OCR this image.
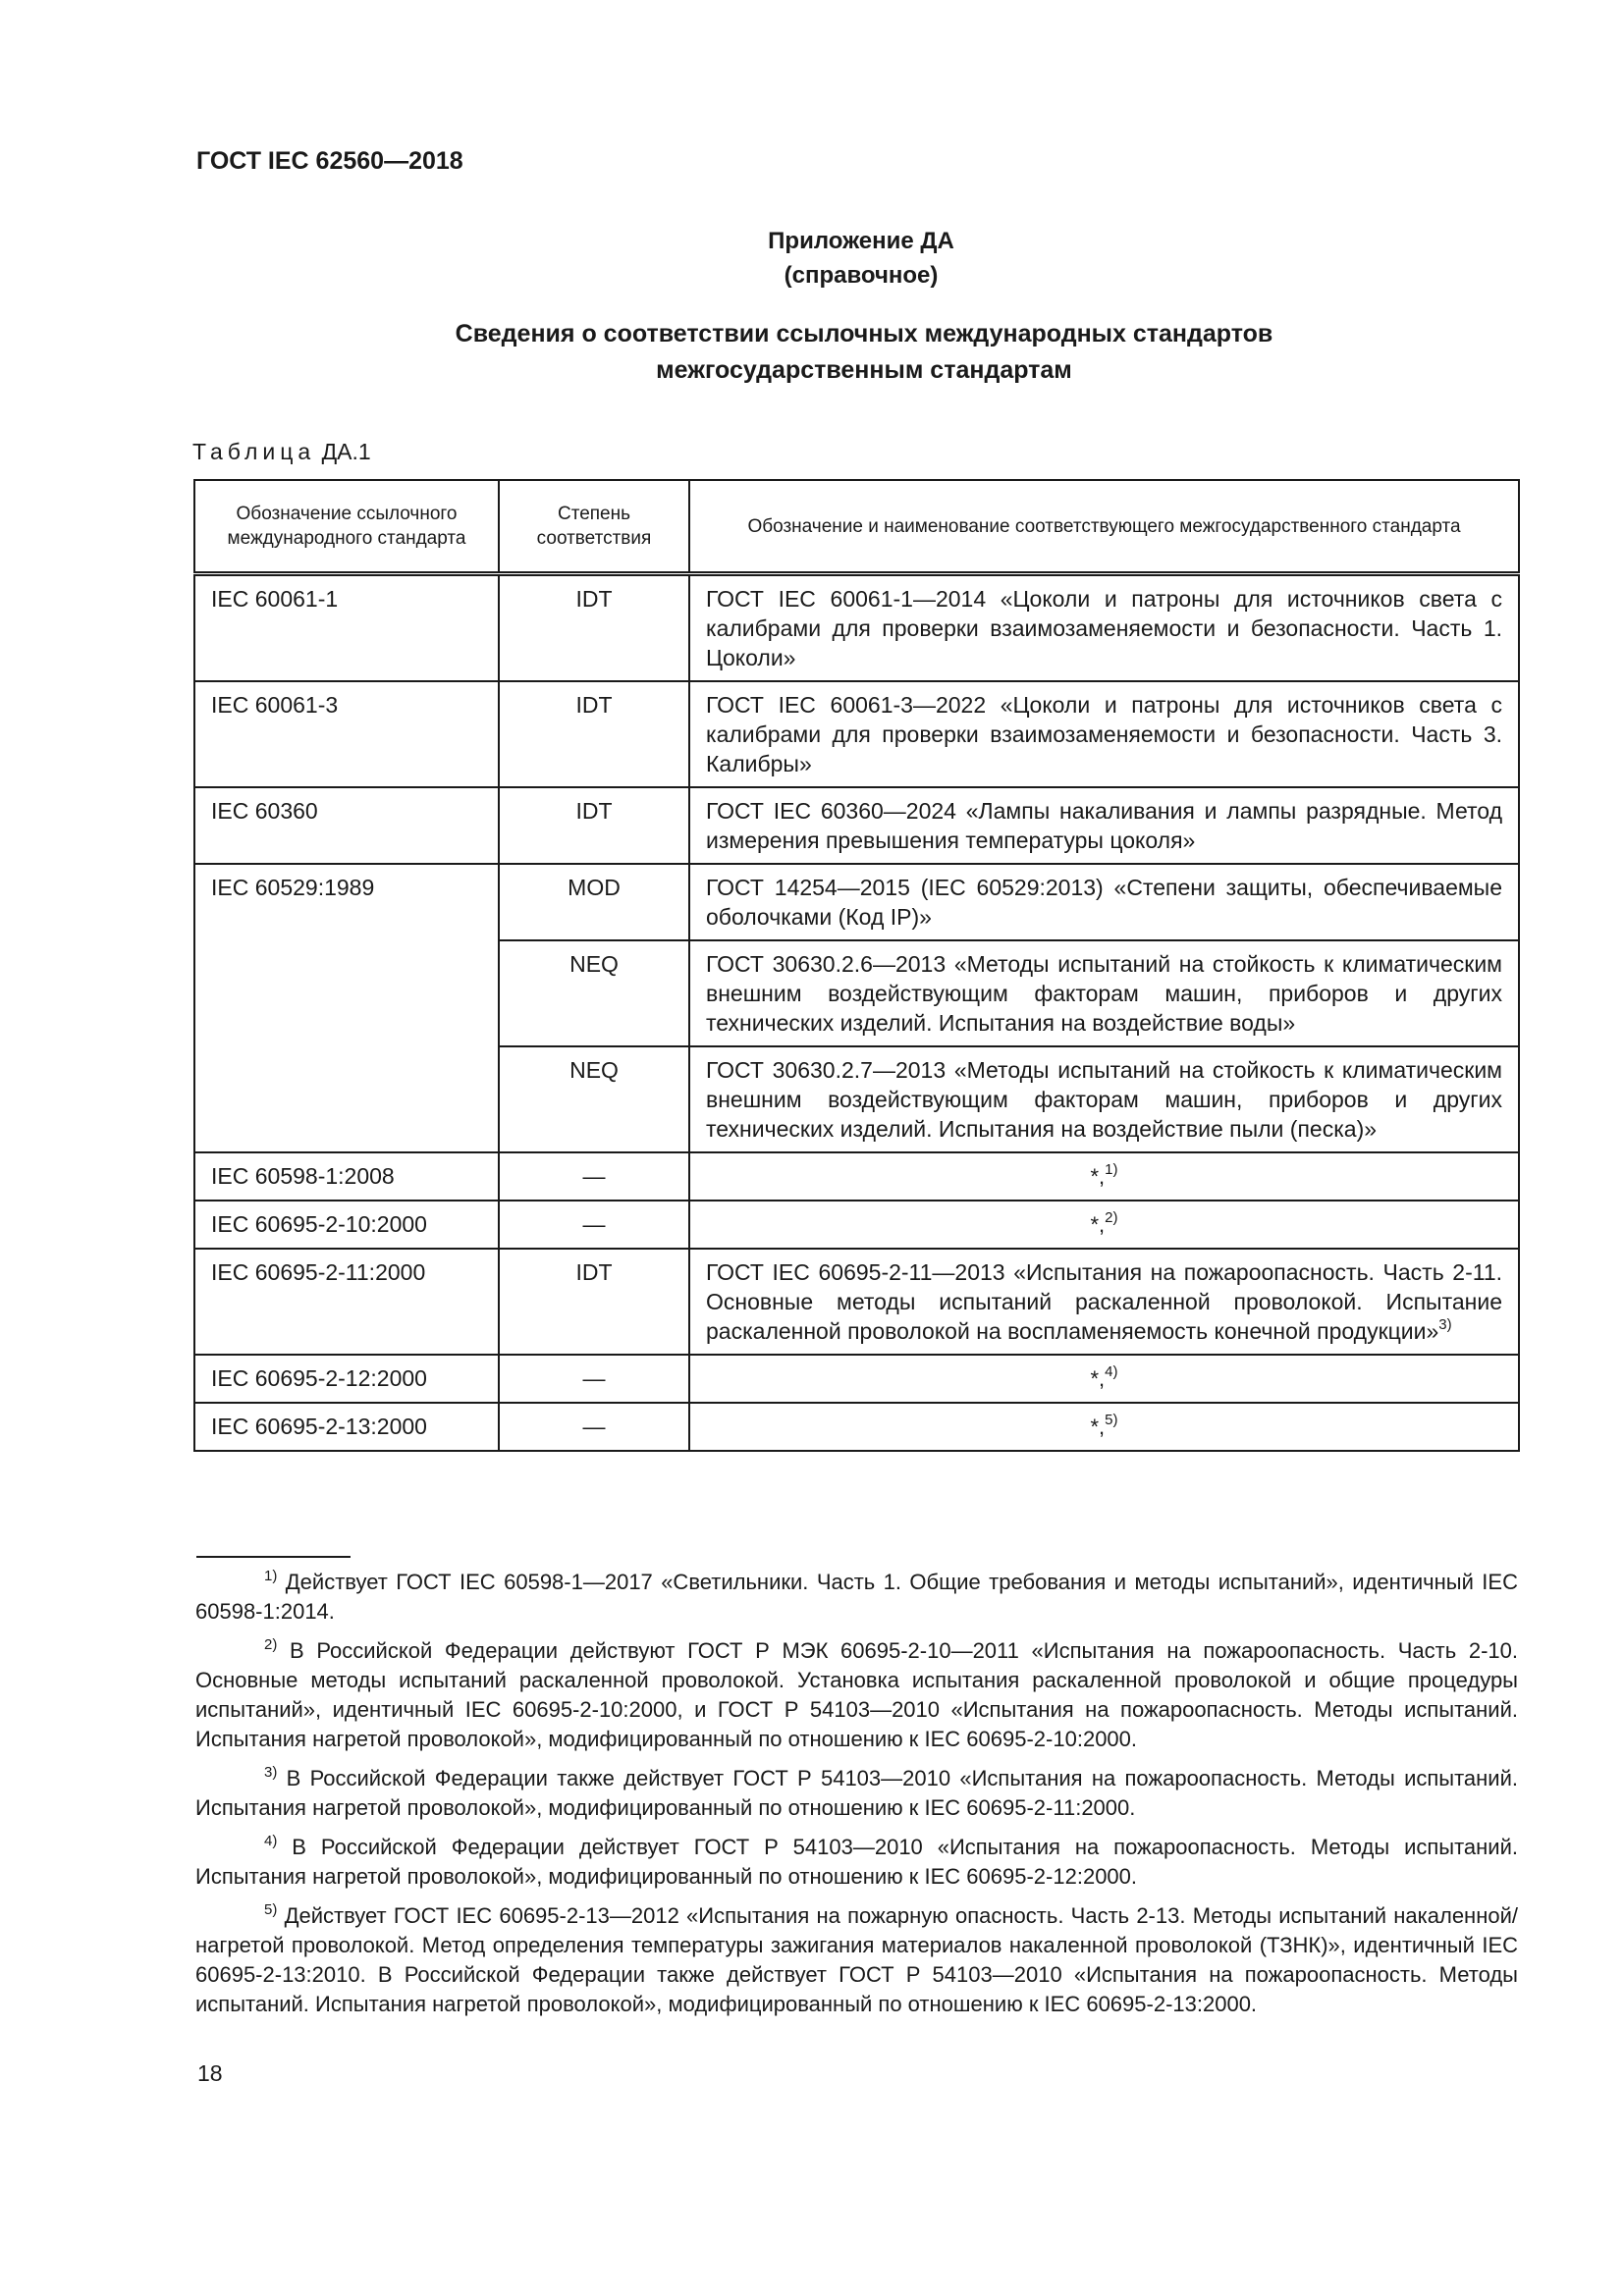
ГОСТ IEC 62560—2018
Приложение ДА
(справочное)
Сведения о соответствии ссылочных международных стандартов
межгосударственным стандартам
Таблица ДА.1
Обозначение ссылочного международного стандарта	Степень соответствия	Обозначение и наименование соответствующего межгосударственного стандарта
IEC 60061-1	IDT	ГОСТ IEC 60061-1—2014 «Цоколи и патроны для источников света с калибрами для проверки взаимозаменяемости и безопасности. Часть 1. Цоколи»
IEC 60061-3	IDT	ГОСТ IEC 60061-3—2022 «Цоколи и патроны для источников света с калибрами для проверки взаимозаменяемости и безопасности. Часть 3. Калибры»
IEC 60360	IDT	ГОСТ IEC 60360—2024 «Лампы накаливания и лампы разрядные. Метод измерения превышения температуры цоколя»
IEC 60529:1989	MOD	ГОСТ 14254—2015 (IEC 60529:2013) «Степени защиты, обеспечиваемые оболочками (Код IP)»
	NEQ	ГОСТ 30630.2.6—2013 «Методы испытаний на стойкость к климатическим внешним воздействующим факторам машин, приборов и других технических изделий. Испытания на воздействие воды»
	NEQ	ГОСТ 30630.2.7—2013 «Методы испытаний на стойкость к климатическим внешним воздействующим факторам машин, приборов и других технических изделий. Испытания на воздействие пыли (песка)»
IEC 60598-1:2008	—	*,$^{1)}$
IEC 60695-2-10:2000	—	*,$^{2)}$
IEC 60695-2-11:2000	IDT	ГОСТ IEC 60695-2-11—2013 «Испытания на пожароопасность. Часть 2-11. Основные методы испытаний раскаленной проволокой. Испытание раскаленной проволокой на воспламеняемость конечной продукции»$^{3)}$
IEC 60695-2-12:2000	—	*,$^{4)}$
IEC 60695-2-13:2000	—	*,$^{5)}$

$^{1)}$ Действует ГОСТ IEC 60598-1—2017 «Светильники. Часть 1. Общие требования и методы испытаний», идентичный IEC 60598-1:2014.

$^{2)}$ В Российской Федерации действуют ГОСТ Р МЭК 60695-2-10—2011 «Испытания на пожароопасность. Часть 2-10. Основные методы испытаний раскаленной проволокой. Установка испытания раскаленной проволокой и общие процедуры испытаний», идентичный IEC 60695-2-10:2000, и ГОСТ Р 54103—2010 «Испытания на пожароопасность. Методы испытаний. Испытания нагретой проволокой», модифицированный по отношению к IEC 60695-2-10:2000.

$^{3)}$ В Российской Федерации также действует ГОСТ Р 54103—2010 «Испытания на пожароопасность. Методы испытаний. Испытания нагретой проволокой», модифицированный по отношению к IEC 60695-2-11:2000.

$^{4)}$ В Российской Федерации действует ГОСТ Р 54103—2010 «Испытания на пожароопасность. Методы испытаний. Испытания нагретой проволокой», модифицированный по отношению к IEC 60695-2-12:2000.

$^{5)}$ Действует ГОСТ IEC 60695-2-13—2012 «Испытания на пожарную опасность. Часть 2-13. Методы испытаний накаленной/нагретой проволокой. Метод определения температуры зажигания материалов накаленной проволокой (ТЗНК)», идентичный IEC 60695-2-13:2010. В Российской Федерации также действует ГОСТ Р 54103—2010 «Испытания на пожароопасность. Методы испытаний. Испытания нагретой проволокой», модифицированный по отношению к IEC 60695-2-13:2000.

18
